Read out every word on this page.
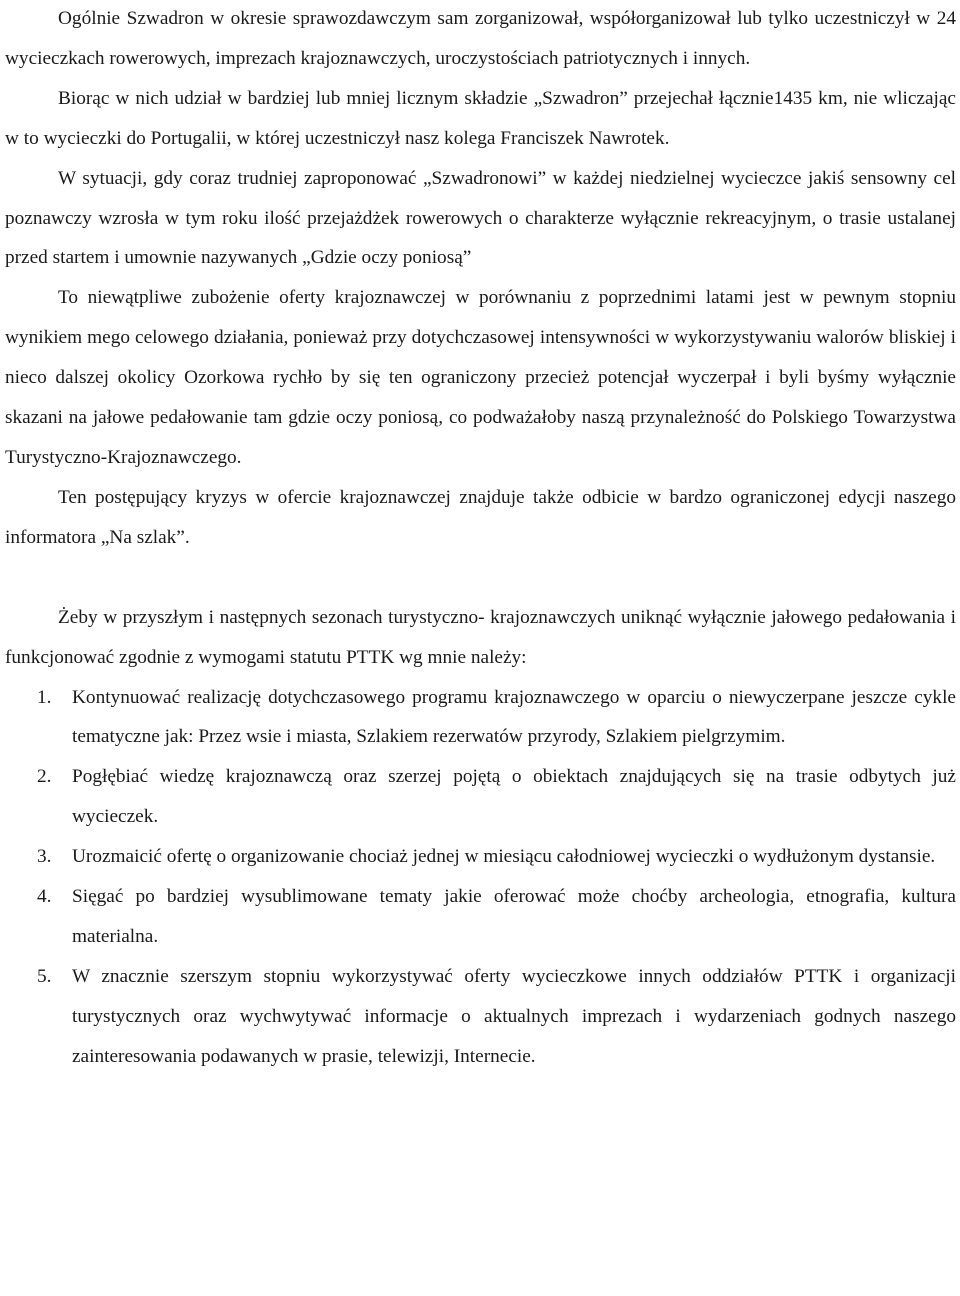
Ogólnie Szwadron w okresie sprawozdawczym sam zorganizował, współorganizował lub tylko uczestniczył w 24 wycieczkach rowerowych, imprezach krajoznawczych, uroczystościach patriotycznych i innych.

Biorąc w nich udział w bardziej lub mniej licznym składzie „Szwadron” przejechał łącznie1435 km, nie wliczając w to wycieczki do Portugalii, w której uczestniczył nasz kolega Franciszek Nawrotek.

W sytuacji, gdy coraz trudniej zaproponować „Szwadronowi” w każdej niedzielnej wycieczce jakiś sensowny cel poznawczy wzrosła w tym roku ilość przejażdżek rowerowych o charakterze wyłącznie rekreacyjnym, o trasie ustalanej przed startem i umownie nazywanych „Gdzie oczy poniosą”

To niewątpliwe zubożenie oferty krajoznawczej w porównaniu z poprzednimi latami jest w pewnym stopniu wynikiem mego celowego działania, ponieważ przy dotychczasowej intensywności w wykorzystywaniu walorów bliskiej i nieco dalszej okolicy Ozorkowa rychło by się ten ograniczony przecież potencjał wyczerpał i byli byśmy wyłącznie skazani na jałowe pedałowanie tam gdzie oczy poniosą, co podważałoby naszą przynależność do Polskiego Towarzystwa Turystyczno-Krajoznawczego.

Ten postępujący kryzys w ofercie krajoznawczej znajduje także odbicie w bardzo ograniczonej edycji naszego informatora „Na szlak”.

Żeby w przyszłym i następnych sezonach turystyczno- krajoznawczych uniknąć wyłącznie jałowego pedałowania i funkcjonować zgodnie z wymogami statutu PTTK wg mnie należy:

1. Kontynuować realizację dotychczasowego programu krajoznawczego w oparciu o niewyczerpane jeszcze cykle tematyczne jak: Przez wsie i miasta, Szlakiem rezerwatów przyrody, Szlakiem pielgrzymim.
2. Pogłębiać wiedzę krajoznawczą oraz szerzej pojętą o obiektach znajdujących się na trasie odbytych już wycieczek.
3. Urozmaicić ofertę o organizowanie chociaż jednej w miesiącu całodniowej wycieczki o wydłużonym dystansie.
4. Sięgać po bardziej wysublimowane tematy jakie oferować może choćby archeologia, etnografia, kultura materialna.
5. W znacznie szerszym stopniu wykorzystywać oferty wycieczkowe innych oddziałów PTTK i organizacji turystycznych oraz wychwytywać informacje o aktualnych imprezach i wydarzeniach godnych naszego zainteresowania podawanych w prasie, telewizji, Internecie.
